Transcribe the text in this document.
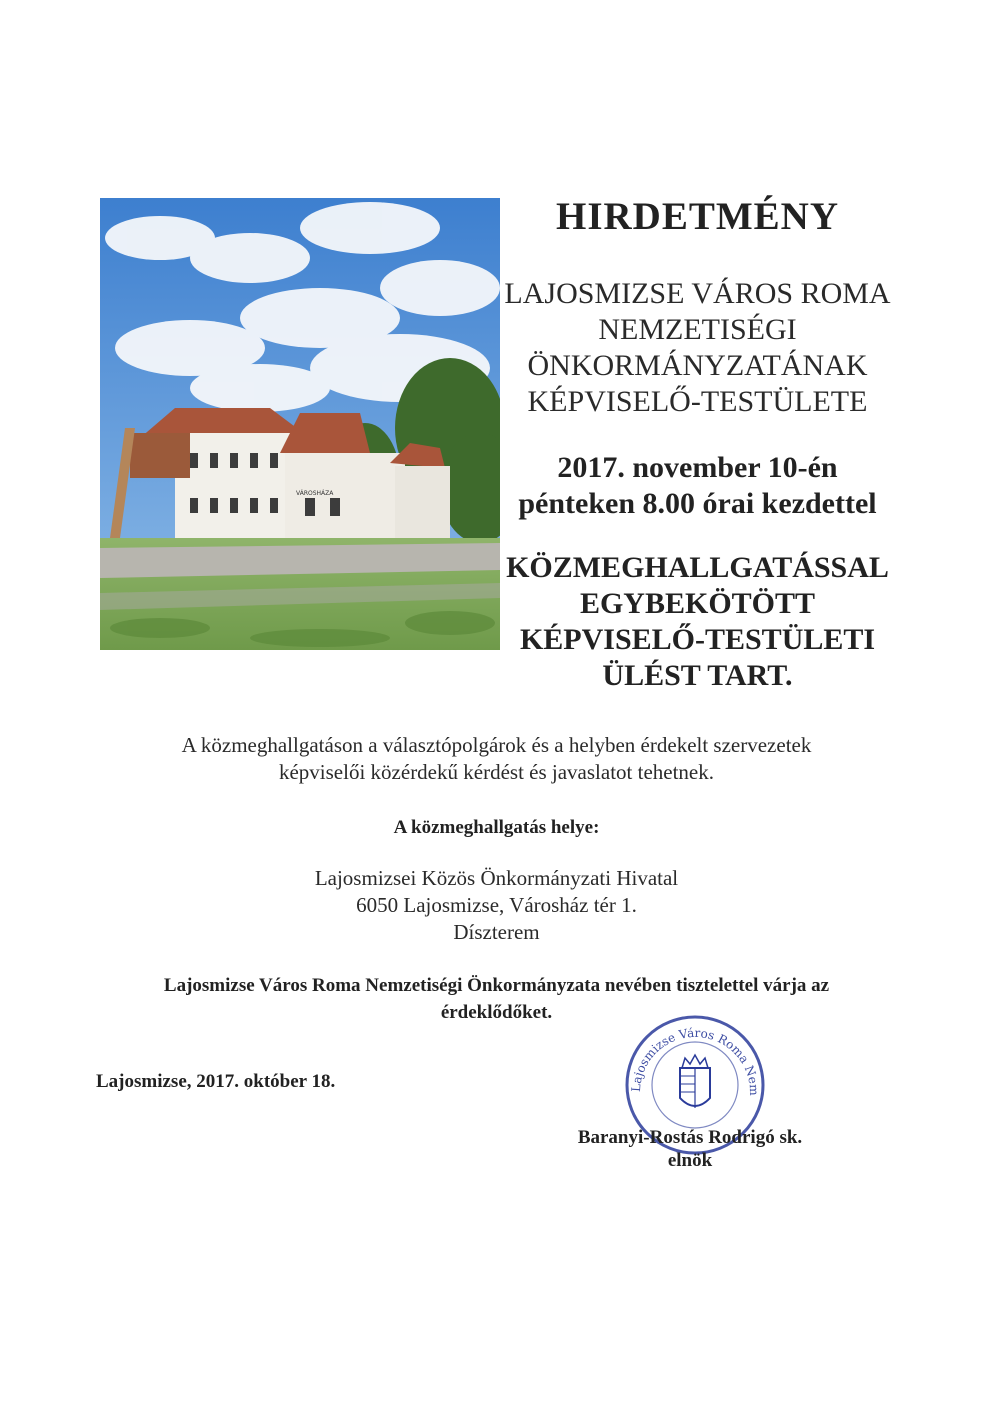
VÁROSHÁZA
HIRDETMÉNY
LAJOSMIZSE VÁROS ROMA
NEMZETISÉGI
ÖNKORMÁNYZATÁNAK
KÉPVISELŐ-TESTÜLETE
2017. november 10-én
pénteken 8.00 órai kezdettel
KÖZMEGHALLGATÁSSAL
EGYBEKÖTÖTT
KÉPVISELŐ-TESTÜLETI
ÜLÉST TART.
A közmeghallgatáson a választópolgárok és a helyben érdekelt szervezetek
képviselői közérdekű kérdést és javaslatot tehetnek.
A közmeghallgatás helye:
Lajosmizsei Közös Önkormányzati Hivatal
6050 Lajosmizse, Városház tér 1.
Díszterem
Lajosmizse Város Roma Nemzetiségi Önkormányzata nevében tisztelettel várja az
érdeklődőket.
Lajosmizse, 2017. október 18.	Lajosmizse Város Roma Nem
Baranyi-Rostás Rodrigó sk.
elnök
